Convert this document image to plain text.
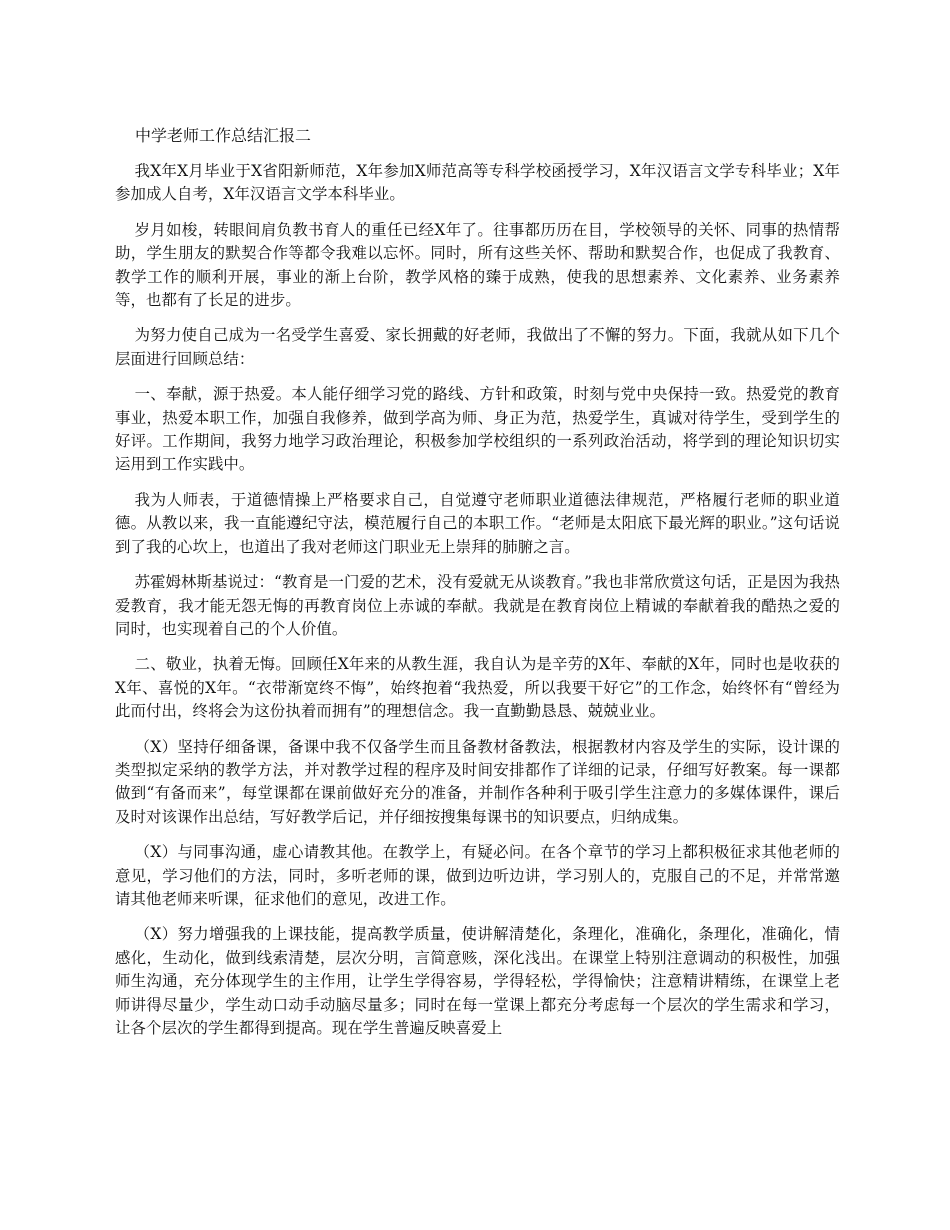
中学老师工作总结汇报二

我X年X月毕业于X省阳新师范，X年参加X师范高等专科学校函授学习，X年汉语言文学专科毕业；X年参加成人自考，X年汉语言文学本科毕业。

岁月如梭，转眼间肩负教书育人的重任已经X年了。往事都历历在目，学校领导的关怀、同事的热情帮助，学生朋友的默契合作等都令我难以忘怀。同时，所有这些关怀、帮助和默契合作，也促成了我教育、教学工作的顺利开展，事业的渐上台阶，教学风格的臻于成熟，使我的思想素养、文化素养、业务素养等，也都有了长足的进步。

为努力使自己成为一名受学生喜爱、家长拥戴的好老师，我做出了不懈的努力。下面，我就从如下几个层面进行回顾总结：

一、奉献，源于热爱。本人能仔细学习党的路线、方针和政策，时刻与党中央保持一致。热爱党的教育事业，热爱本职工作，加强自我修养，做到学高为师、身正为范，热爱学生，真诚对待学生，受到学生的好评。工作期间，我努力地学习政治理论，积极参加学校组织的一系列政治活动，将学到的理论知识切实运用到工作实践中。

我为人师表，于道德情操上严格要求自己，自觉遵守老师职业道德法律规范，严格履行老师的职业道德。从教以来，我一直能遵纪守法，模范履行自己的本职工作。“老师是太阳底下最光辉的职业。”这句话说到了我的心坎上，也道出了我对老师这门职业无上崇拜的肺腑之言。

苏霍姆林斯基说过：“教育是一门爱的艺术，没有爱就无从谈教育。”我也非常欣赏这句话，正是因为我热爱教育，我才能无怨无悔的再教育岗位上赤诚的奉献。我就是在教育岗位上精诚的奉献着我的酷热之爱的同时，也实现着自己的个人价值。

二、敬业，执着无悔。回顾任X年来的从教生涯，我自认为是辛劳的X年、奉献的X年，同时也是收获的X年、喜悦的X年。“衣带渐宽终不悔”，始终抱着“我热爱，所以我要干好它”的工作念，始终怀有“曾经为此而付出，终将会为这份执着而拥有”的理想信念。我一直勤勤恳恳、兢兢业业。

（X）坚持仔细备课，备课中我不仅备学生而且备教材备教法，根据教材内容及学生的实际，设计课的类型拟定采纳的教学方法，并对教学过程的程序及时间安排都作了详细的记录，仔细写好教案。每一课都做到“有备而来”，每堂课都在课前做好充分的准备，并制作各种利于吸引学生注意力的多媒体课件，课后及时对该课作出总结，写好教学后记，并仔细按搜集每课书的知识要点，归纳成集。

（X）与同事沟通，虚心请教其他。在教学上，有疑必问。在各个章节的学习上都积极征求其他老师的意见，学习他们的方法，同时，多听老师的课，做到边听边讲，学习别人的，克服自己的不足，并常常邀请其他老师来听课，征求他们的意见，改进工作。

（X）努力增强我的上课技能，提高教学质量，使讲解清楚化，条理化，准确化，条理化，准确化，情感化，生动化，做到线索清楚，层次分明，言简意赅，深化浅出。在课堂上特别注意调动的积极性，加强师生沟通，充分体现学生的主作用，让学生学得容易，学得轻松，学得愉快；注意精讲精练，在课堂上老师讲得尽量少，学生动口动手动脑尽量多；同时在每一堂课上都充分考虑每一个层次的学生需求和学习，让各个层次的学生都得到提高。现在学生普遍反映喜爱上
